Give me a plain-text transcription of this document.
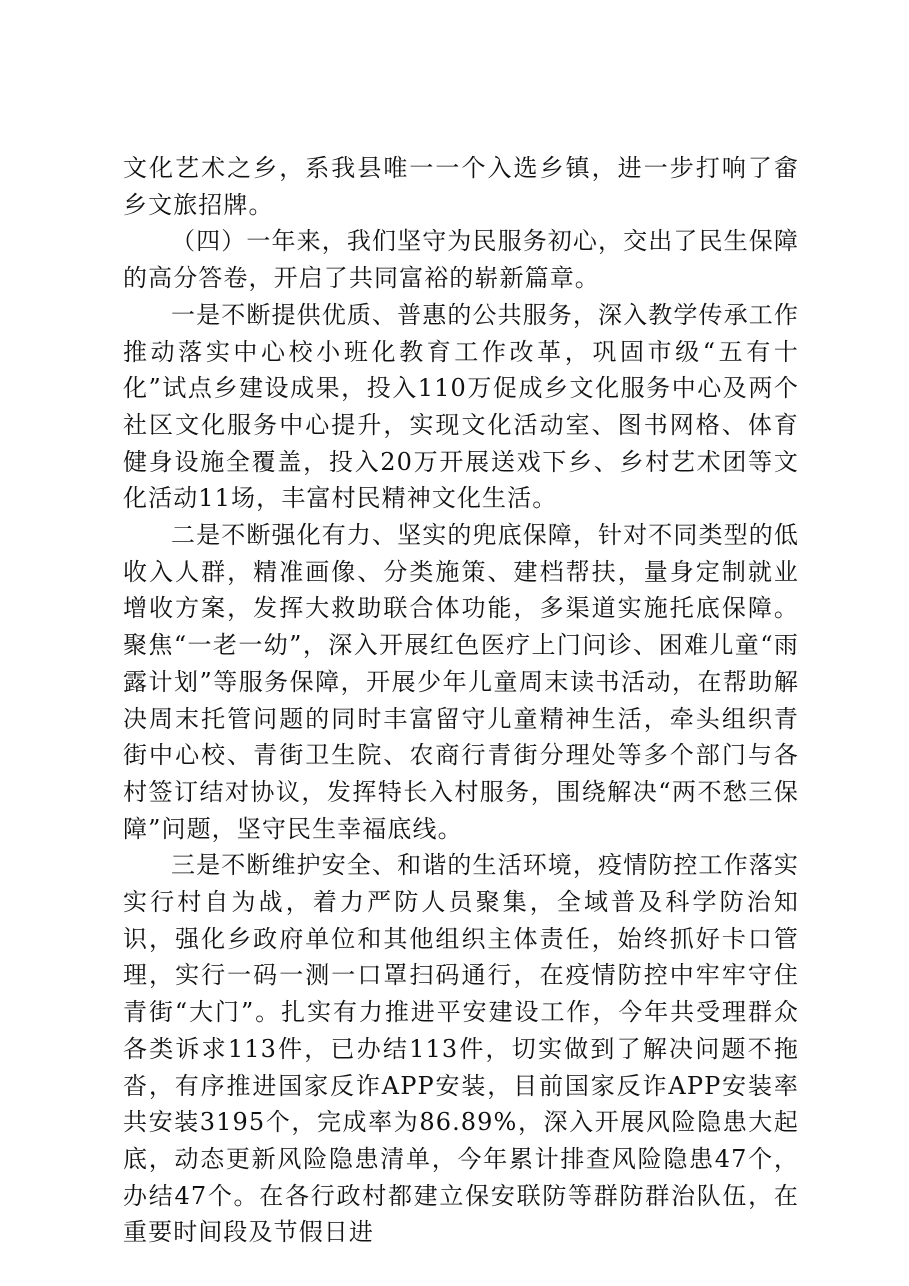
文化艺术之乡，系我县唯一一个入选乡镇，进一步打响了畲乡文旅招牌。

（四）一年来，我们坚守为民服务初心，交出了民生保障的高分答卷，开启了共同富裕的崭新篇章。

一是不断提供优质、普惠的公共服务，深入教学传承工作推动落实中心校小班化教育工作改革，巩固市级“五有十化”试点乡建设成果，投入110万促成乡文化服务中心及两个社区文化服务中心提升，实现文化活动室、图书网格、体育健身设施全覆盖，投入20万开展送戏下乡、乡村艺术团等文化活动11场，丰富村民精神文化生活。

二是不断强化有力、坚实的兜底保障，针对不同类型的低收入人群，精准画像、分类施策、建档帮扶，量身定制就业增收方案，发挥大救助联合体功能，多渠道实施托底保障。聚焦“一老一幼”，深入开展红色医疗上门问诊、困难儿童“雨露计划”等服务保障，开展少年儿童周末读书活动，在帮助解决周末托管问题的同时丰富留守儿童精神生活，牵头组织青街中心校、青街卫生院、农商行青街分理处等多个部门与各村签订结对协议，发挥特长入村服务，围绕解决“两不愁三保障”问题，坚守民生幸福底线。

三是不断维护安全、和谐的生活环境，疫情防控工作落实实行村自为战，着力严防人员聚集，全域普及科学防治知识，强化乡政府单位和其他组织主体责任，始终抓好卡口管理，实行一码一测一口罩扫码通行，在疫情防控中牢牢守住青街“大门”。扎实有力推进平安建设工作，今年共受理群众各类诉求113件，已办结113件，切实做到了解决问题不拖沓，有序推进国家反诈APP安装，目前国家反诈APP安装率共安装3195个，完成率为86.89%，深入开展风险隐患大起底，动态更新风险隐患清单，今年累计排查风险隐患47个，办结47个。在各行政村都建立保安联防等群防群治队伍，在重要时间段及节假日进
